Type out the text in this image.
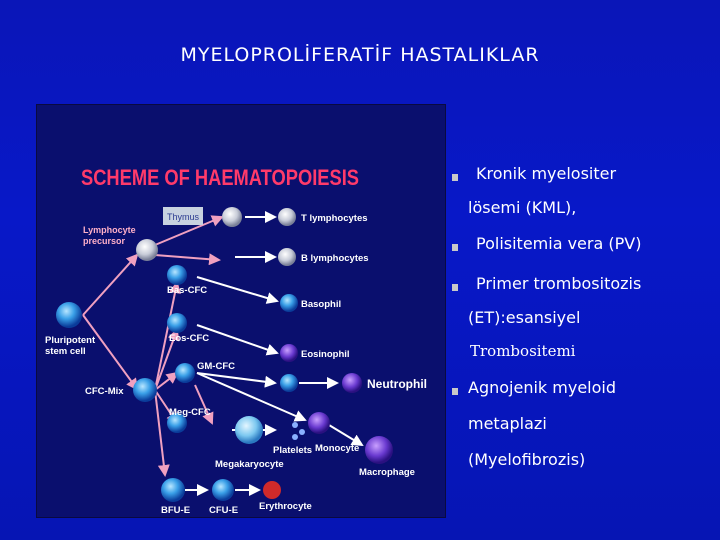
MYELOPROLİFERATİF HASTALIKLAR
SCHEME OF HAEMATOPOIESIS
Thymus	T lymphocytes
B lymphocytes
Lymphocyte
precursor
Bas-CFC
Basophil
Pluripotent
stem cell
Eos-CFC
Eosinophil
GM-CFC
CFC-Mix
Neutrophil
Meg-CFC
Platelets Monocyte
Macrophage
Megakaryocyte
BFU-E CFU-E Erythrocyte
Kronik myelositer
lösemi (KML),
Polisitemia vera (PV)
Primer trombositozis
(ET):esansiyel
Trombositemi
Agnojenik myeloid
metaplazi
(Myelofibrozis)
